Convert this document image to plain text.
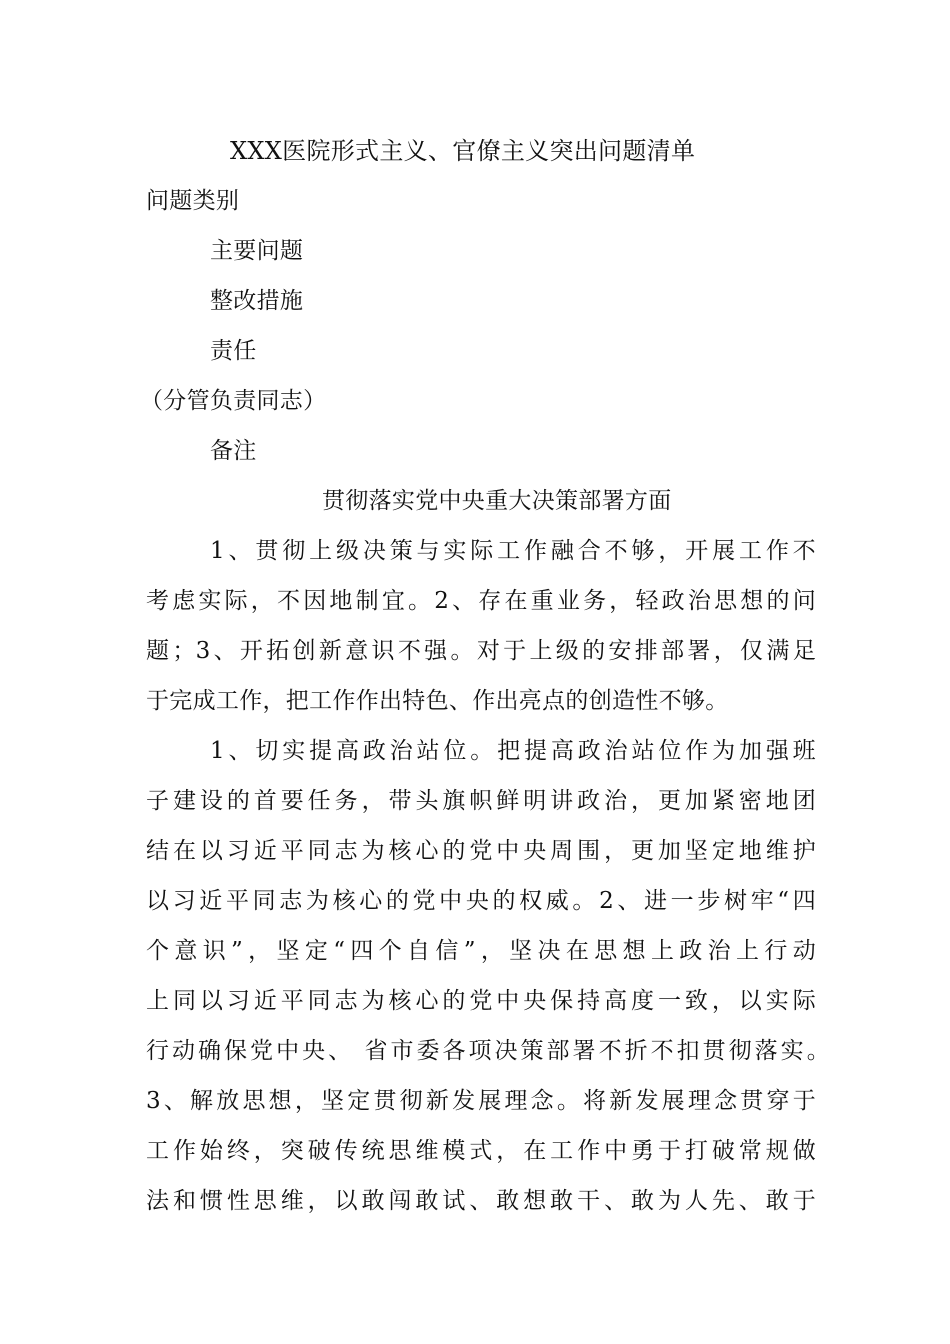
XXX医院形式主义、官僚主义突出问题清单
问题类别
主要问题
整改措施
责任
（分管负责同志）
备注
贯彻落实党中央重大决策部署方面
1、贯彻上级决策与实际工作融合不够，开展工作不
考虑实际，不因地制宜。2、存在重业务，轻政治思想的问
题；3、开拓创新意识不强。对于上级的安排部署，仅满足
于完成工作，把工作作出特色、作出亮点的创造性不够。
1、切实提高政治站位。把提高政治站位作为加强班
子建设的首要任务，带头旗帜鲜明讲政治，更加紧密地团
结在以习近平同志为核心的党中央周围，更加坚定地维护
以习近平同志为核心的党中央的权威。2、进一步树牢“四
个意识”，坚定“四个自信”，坚决在思想上政治上行动
上同以习近平同志为核心的党中央保持高度一致，以实际
行动确保党中央、 省市委各项决策部署不折不扣贯彻落实。
3、解放思想，坚定贯彻新发展理念。将新发展理念贯穿于
工作始终，突破传统思维模式，在工作中勇于打破常规做
法和惯性思维，以敢闯敢试、敢想敢干、敢为人先、敢于
